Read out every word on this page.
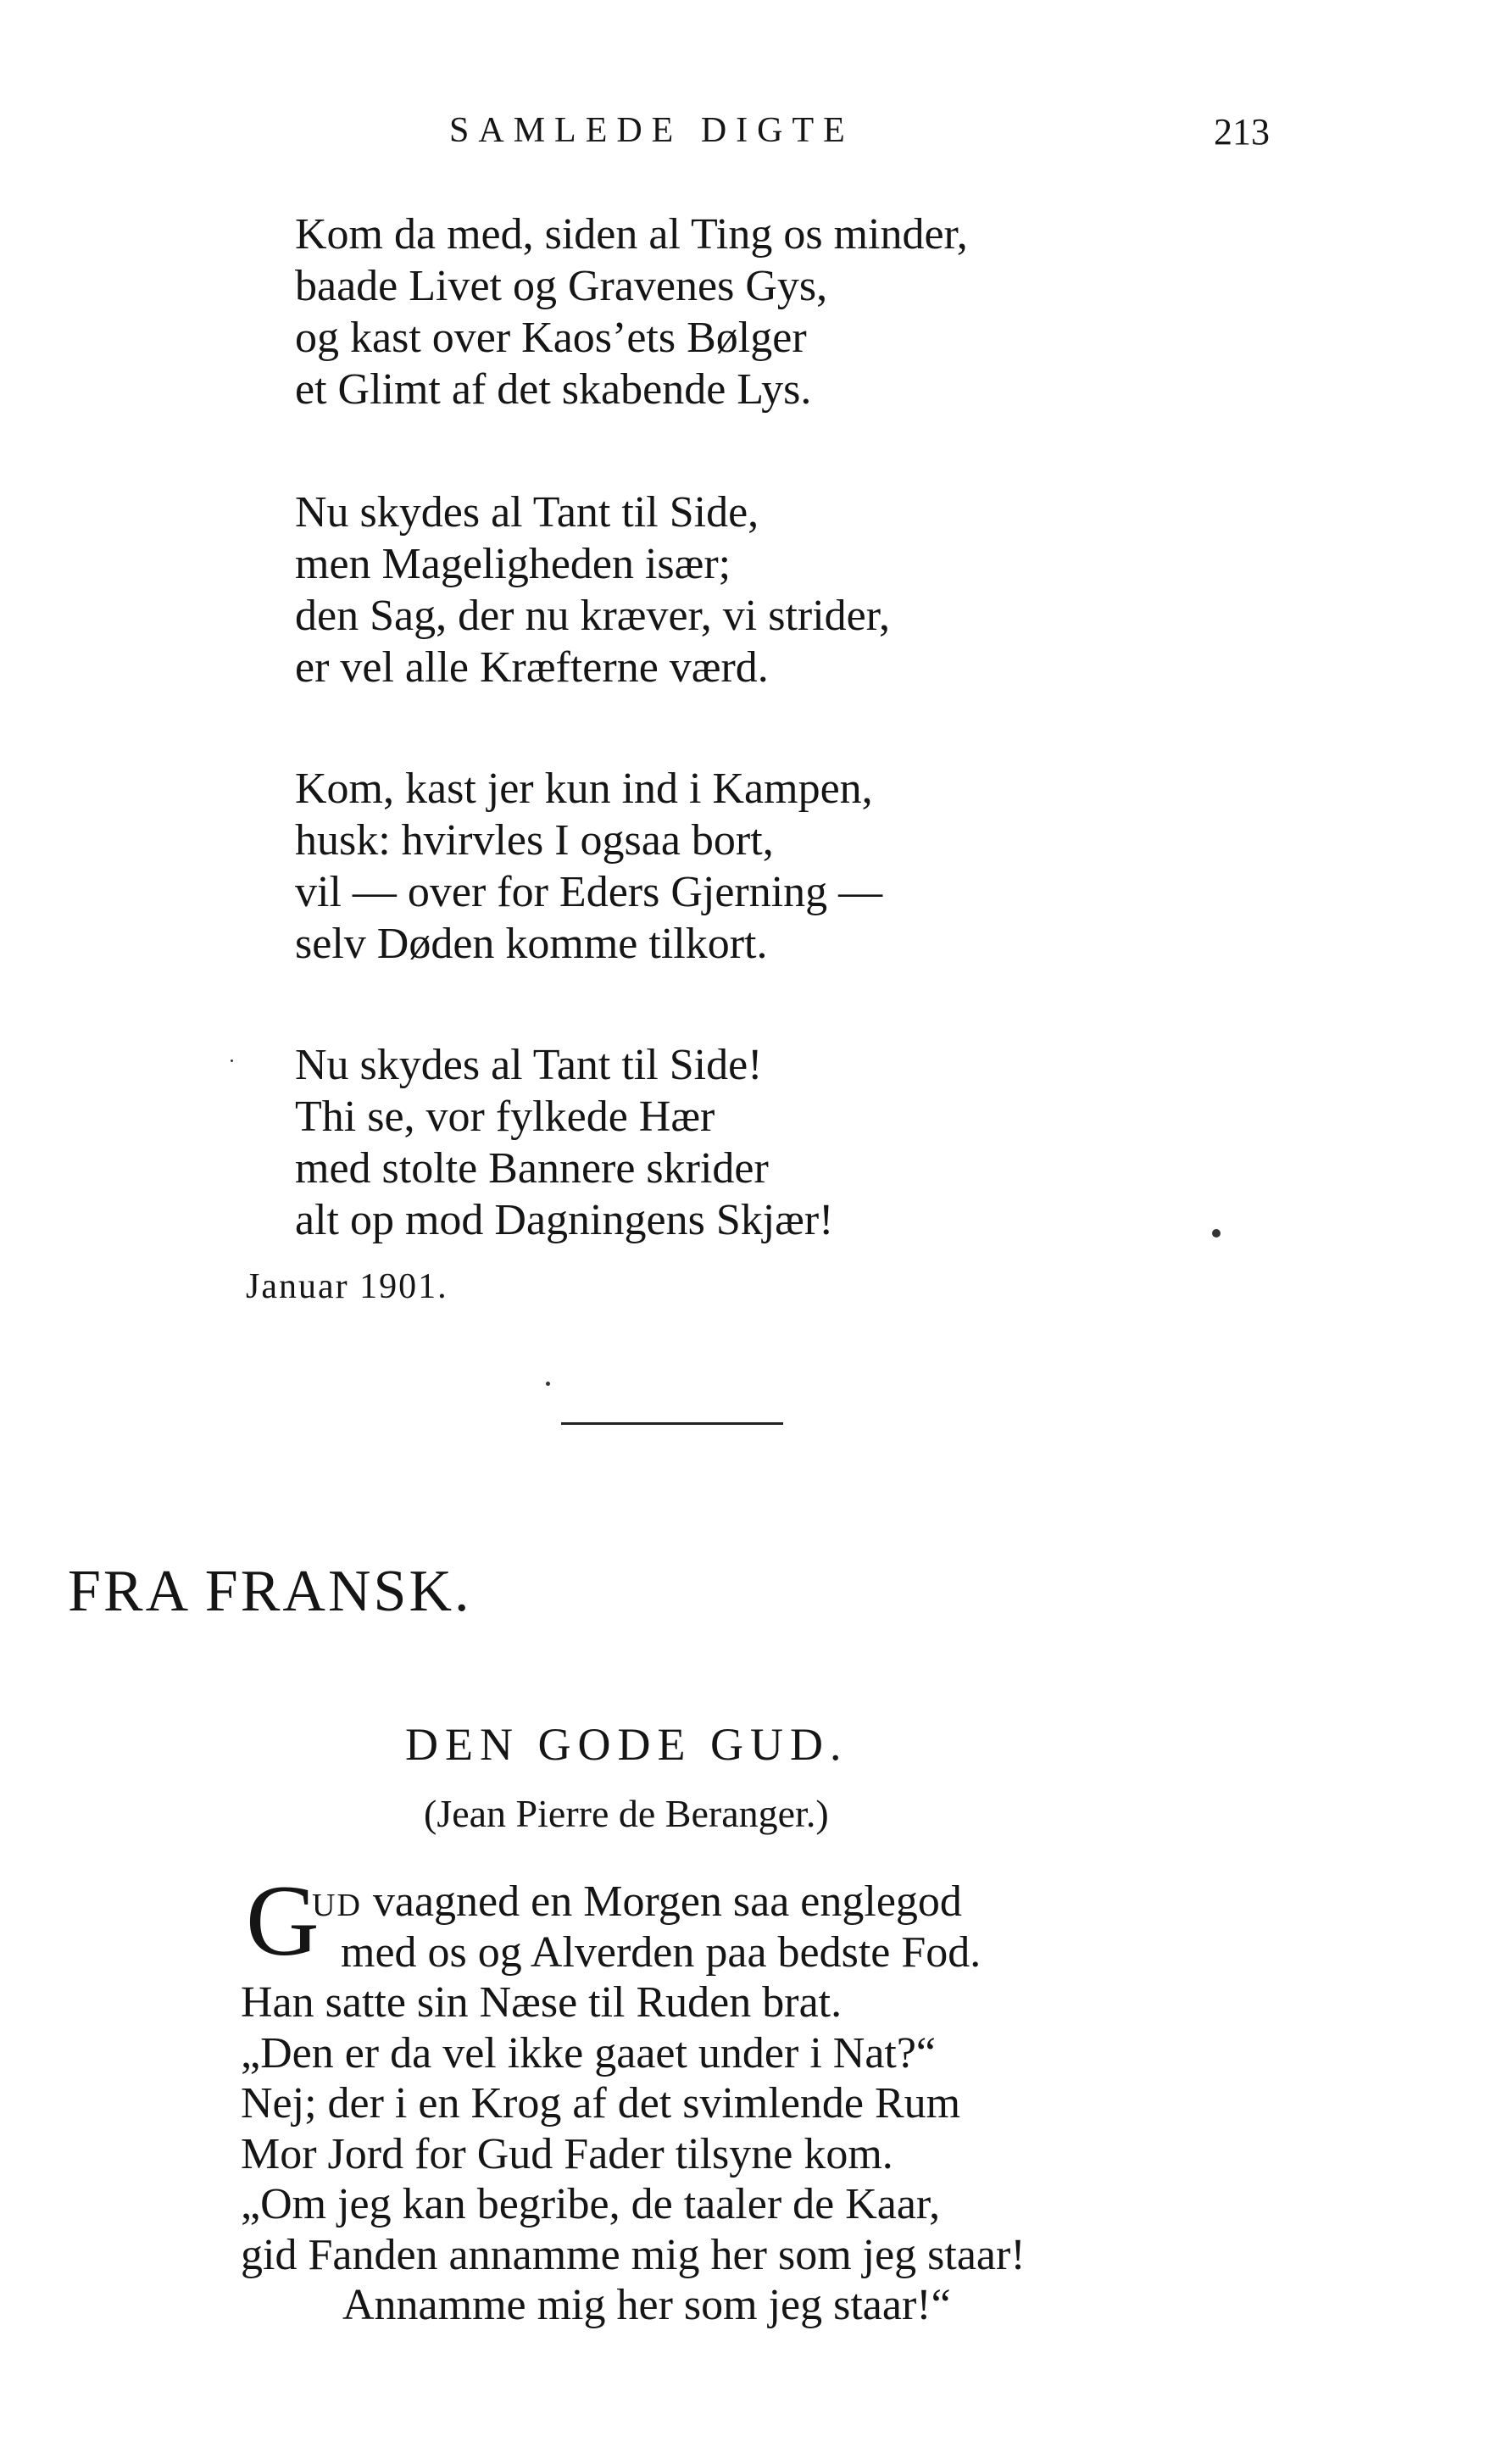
SAMLEDE DIGTE	213
Kom da med, siden al Ting os minder,
baade Livet og Gravenes Gys,
og kast over Kaos’ets Bølger
et Glimt af det skabende Lys.
Nu skydes al Tant til Side,
men Mageligheden især;
den Sag, der nu kræver, vi strider,
er vel alle Kræfterne værd.
Kom, kast jer kun ind i Kampen,
husk: hvirvles I ogsaa bort,
vil — over for Eders Gjerning —
selv Døden komme tilkort.
Nu skydes al Tant til Side!
Thi se, vor fylkede Hær
med stolte Bannere skrider
alt op mod Dagningens Skjær!
Januar 1901.
FRA FRANSK.
DEN GODE GUD.
(Jean Pierre de Beranger.)
G
UD vaagned en Morgen saa englegod
med os og Alverden paa bedste Fod.
Han satte sin Næse til Ruden brat.
„Den er da vel ikke gaaet under i Nat?“
Nej; der i en Krog af det svimlende Rum
Mor Jord for Gud Fader tilsyne kom.
„Om jeg kan begribe, de taaler de Kaar,
gid Fanden annamme mig her som jeg staar!
Annamme mig her som jeg staar!“
